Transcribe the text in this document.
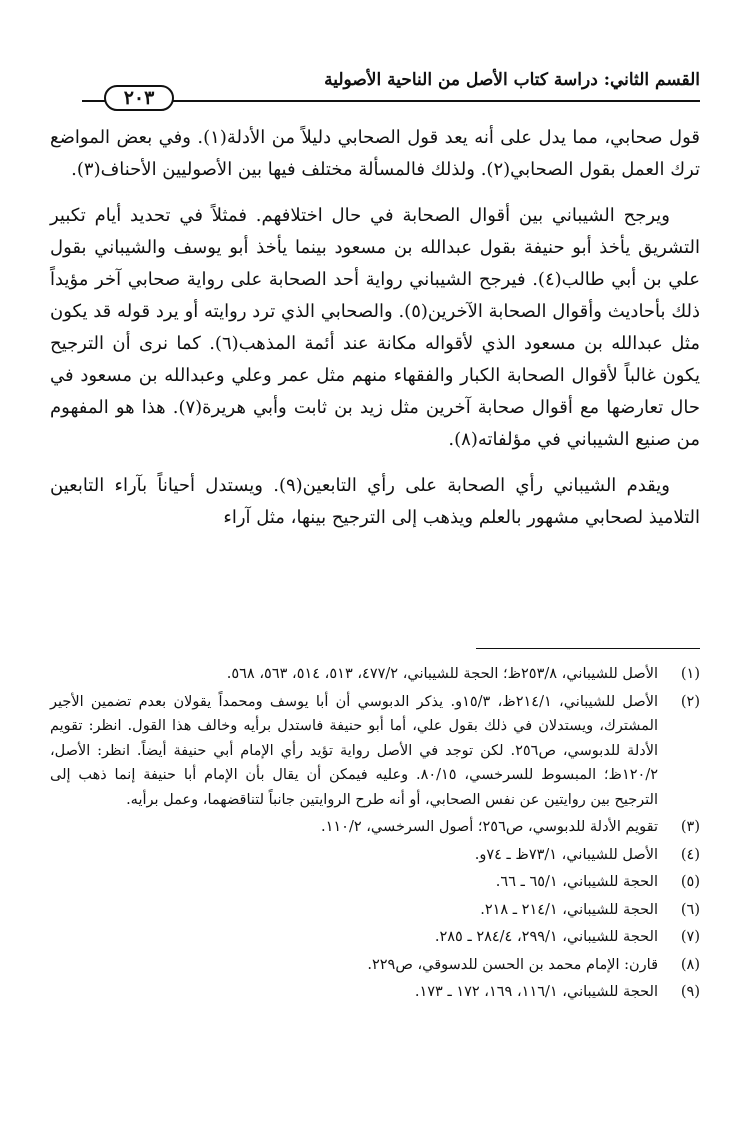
القسم الثاني: دراسة كتاب الأصل من الناحية الأصولية
٢٠٣

قول صحابي، مما يدل على أنه يعد قول الصحابي دليلاً من الأدلة(١). وفي بعض المواضع ترك العمل بقول الصحابي(٢). ولذلك فالمسألة مختلف فيها بين الأصوليين الأحناف(٣).

ويرجح الشيباني بين أقوال الصحابة في حال اختلافهم. فمثلاً في تحديد أيام تكبير التشريق يأخذ أبو حنيفة بقول عبدالله بن مسعود بينما يأخذ أبو يوسف والشيباني بقول علي بن أبي طالب(٤). فيرجح الشيباني رواية أحد الصحابة على رواية صحابي آخر مؤيداً ذلك بأحاديث وأقوال الصحابة الآخرين(٥). والصحابي الذي ترد روايته أو يرد قوله قد يكون مثل عبدالله بن مسعود الذي لأقواله مكانة عند أئمة المذهب(٦). كما نرى أن الترجيح يكون غالباً لأقوال الصحابة الكبار والفقهاء منهم مثل عمر وعلي وعبدالله بن مسعود في حال تعارضها مع أقوال صحابة آخرين مثل زيد بن ثابت وأبي هريرة(٧). هذا هو المفهوم من صنيع الشيباني في مؤلفاته(٨).

ويقدم الشيباني رأي الصحابة على رأي التابعين(٩). ويستدل أحياناً بآراء التابعين التلاميذ لصحابي مشهور بالعلم ويذهب إلى الترجيح بينها، مثل آراء

(١)
الأصل للشيباني، ٢٥٣/٨ظ؛ الحجة للشيباني، ٤٧٧/٢، ٥١٣، ٥١٤، ٥٦٣، ٥٦٨.
(٢)
الأصل للشيباني، ٢١٤/١ظ، ١٥/٣و. يذكر الدبوسي أن أبا يوسف ومحمداً يقولان بعدم تضمين الأجير المشترك، ويستدلان في ذلك بقول علي، أما أبو حنيفة فاستدل برأيه وخالف هذا القول. انظر: تقويم الأدلة للدبوسي، ص٢٥٦. لكن توجد في الأصل رواية تؤيد رأي الإمام أبي حنيفة أيضاً. انظر: الأصل، ١٢٠/٢ظ؛ المبسوط للسرخسي، ٨٠/١٥. وعليه فيمكن أن يقال بأن الإمام أبا حنيفة إنما ذهب إلى الترجيح بين روايتين عن نفس الصحابي، أو أنه طرح الروايتين جانباً لتناقضهما، وعمل برأيه.
(٣)
تقويم الأدلة للدبوسي، ص٢٥٦؛ أصول السرخسي، ١١٠/٢.
(٤)
الأصل للشيباني، ٧٣/١ظ ـ ٧٤و.
(٥)
الحجة للشيباني، ٦٥/١ ـ ٦٦.
(٦)
الحجة للشيباني، ٢١٤/١ ـ ٢١٨.
(٧)
الحجة للشيباني، ٢٩٩/١، ٢٨٤/٤ ـ ٢٨٥.
(٨)
قارن: الإمام محمد بن الحسن للدسوقي، ص٢٢٩.
(٩)
الحجة للشيباني، ١١٦/١، ١٦٩، ١٧٢ ـ ١٧٣.
